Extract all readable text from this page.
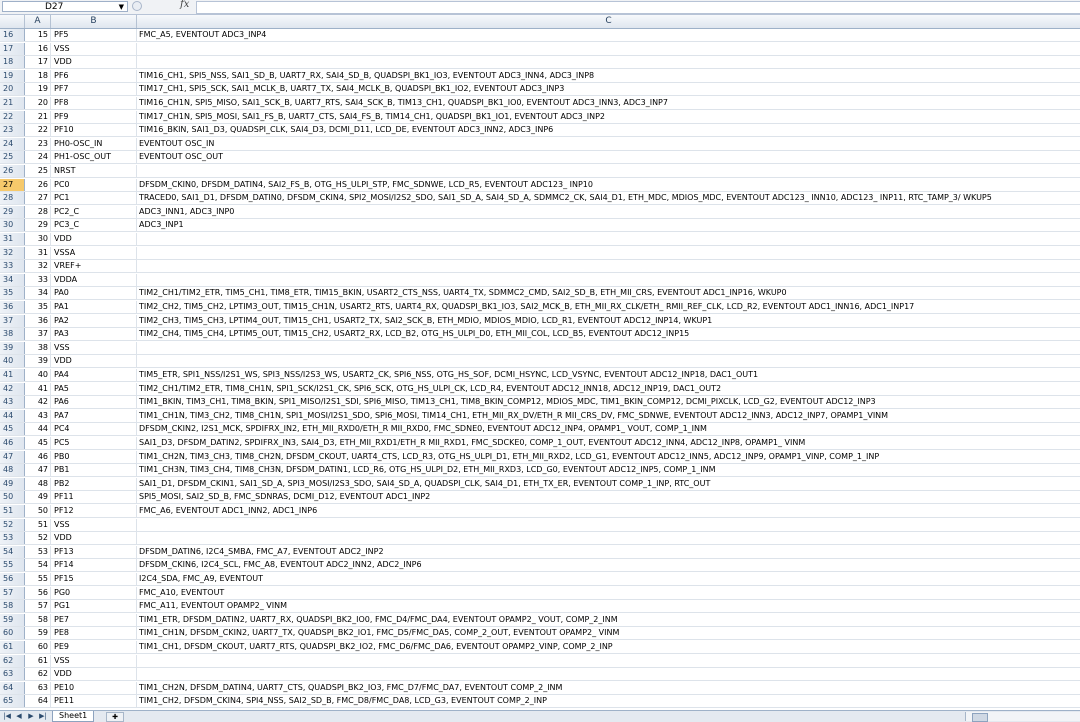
D27	▼	fx
A	B	C
16	15 PF5	FMC_A5, EVENTOUT ADC3_INP4
17	16 VSS
18	17 VDD
19	18 PF6	TIM16_CH1, SPI5_NSS, SAI1_SD_B, UART7_RX, SAI4_SD_B, QUADSPI_BK1_IO3, EVENTOUT ADC3_INN4, ADC3_INP8
20	19 PF7	TIM17_CH1, SPI5_SCK, SAI1_MCLK_B, UART7_TX, SAI4_MCLK_B, QUADSPI_BK1_IO2, EVENTOUT ADC3_INP3
21	20 PF8	TIM16_CH1N, SPI5_MISO, SAI1_SCK_B, UART7_RTS, SAI4_SCK_B, TIM13_CH1, QUADSPI_BK1_IO0, EVENTOUT ADC3_INN3, ADC3_INP7
22	21 PF9	TIM17_CH1N, SPI5_MOSI, SAI1_FS_B, UART7_CTS, SAI4_FS_B, TIM14_CH1, QUADSPI_BK1_IO1, EVENTOUT ADC3_INP2
23	22 PF10	TIM16_BKIN, SAI1_D3, QUADSPI_CLK, SAI4_D3, DCMI_D11, LCD_DE, EVENTOUT ADC3_INN2, ADC3_INP6
24	23 PH0-OSC_IN	EVENTOUT OSC_IN
25	24 PH1-OSC_OUT	EVENTOUT OSC_OUT
26	25 NRST
27	26 PC0	DFSDM_CKIN0, DFSDM_DATIN4, SAI2_FS_B, OTG_HS_ULPI_STP, FMC_SDNWE, LCD_R5, EVENTOUT ADC123_ INP10
28	27 PC1	TRACED0, SAI1_D1, DFSDM_DATIN0, DFSDM_CKIN4, SPI2_MOSI/I2S2_SDO, SAI1_SD_A, SAI4_SD_A, SDMMC2_CK, SAI4_D1, ETH_MDC, MDIOS_MDC, EVENTOUT ADC123_ INN10, ADC123_ INP11, RTC_TAMP_3/ WKUP5
29	28 PC2_C	ADC3_INN1, ADC3_INP0
30	29 PC3_C	ADC3_INP1
31	30 VDD
32	31 VSSA
33	32 VREF+
34	33 VDDA
35	34 PA0	TIM2_CH1/TIM2_ETR, TIM5_CH1, TIM8_ETR, TIM15_BKIN, USART2_CTS_NSS, UART4_TX, SDMMC2_CMD, SAI2_SD_B, ETH_MII_CRS, EVENTOUT ADC1_INP16, WKUP0
36	35 PA1	TIM2_CH2, TIM5_CH2, LPTIM3_OUT, TIM15_CH1N, USART2_RTS, UART4_RX, QUADSPI_BK1_IO3, SAI2_MCK_B, ETH_MII_RX_CLK/ETH_ RMII_REF_CLK, LCD_R2, EVENTOUT ADC1_INN16, ADC1_INP17
37	36 PA2	TIM2_CH3, TIM5_CH3, LPTIM4_OUT, TIM15_CH1, USART2_TX, SAI2_SCK_B, ETH_MDIO, MDIOS_MDIO, LCD_R1, EVENTOUT ADC12_INP14, WKUP1
38	37 PA3	TIM2_CH4, TIM5_CH4, LPTIM5_OUT, TIM15_CH2, USART2_RX, LCD_B2, OTG_HS_ULPI_D0, ETH_MII_COL, LCD_B5, EVENTOUT ADC12_INP15
39	38 VSS
40	39 VDD
41	40 PA4	TIM5_ETR, SPI1_NSS/I2S1_WS, SPI3_NSS/I2S3_WS, USART2_CK, SPI6_NSS, OTG_HS_SOF, DCMI_HSYNC, LCD_VSYNC, EVENTOUT ADC12_INP18, DAC1_OUT1
42	41 PA5	TIM2_CH1/TIM2_ETR, TIM8_CH1N, SPI1_SCK/I2S1_CK, SPI6_SCK, OTG_HS_ULPI_CK, LCD_R4, EVENTOUT ADC12_INN18, ADC12_INP19, DAC1_OUT2
43	42 PA6	TIM1_BKIN, TIM3_CH1, TIM8_BKIN, SPI1_MISO/I2S1_SDI, SPI6_MISO, TIM13_CH1, TIM8_BKIN_COMP12, MDIOS_MDC, TIM1_BKIN_COMP12, DCMI_PIXCLK, LCD_G2, EVENTOUT ADC12_INP3
44	43 PA7	TIM1_CH1N, TIM3_CH2, TIM8_CH1N, SPI1_MOSI/I2S1_SDO, SPI6_MOSI, TIM14_CH1, ETH_MII_RX_DV/ETH_R MII_CRS_DV, FMC_SDNWE, EVENTOUT ADC12_INN3, ADC12_INP7, OPAMP1_VINM
45	44 PC4	DFSDM_CKIN2, I2S1_MCK, SPDIFRX_IN2, ETH_MII_RXD0/ETH_R MII_RXD0, FMC_SDNE0, EVENTOUT ADC12_INP4, OPAMP1_ VOUT, COMP_1_INM
46	45 PC5	SAI1_D3, DFSDM_DATIN2, SPDIFRX_IN3, SAI4_D3, ETH_MII_RXD1/ETH_R MII_RXD1, FMC_SDCKE0, COMP_1_OUT, EVENTOUT ADC12_INN4, ADC12_INP8, OPAMP1_ VINM
47	46 PB0	TIM1_CH2N, TIM3_CH3, TIM8_CH2N, DFSDM_CKOUT, UART4_CTS, LCD_R3, OTG_HS_ULPI_D1, ETH_MII_RXD2, LCD_G1, EVENTOUT ADC12_INN5, ADC12_INP9, OPAMP1_VINP, COMP_1_INP
48	47 PB1	TIM1_CH3N, TIM3_CH4, TIM8_CH3N, DFSDM_DATIN1, LCD_R6, OTG_HS_ULPI_D2, ETH_MII_RXD3, LCD_G0, EVENTOUT ADC12_INP5, COMP_1_INM
49	48 PB2	SAI1_D1, DFSDM_CKIN1, SAI1_SD_A, SPI3_MOSI/I2S3_SDO, SAI4_SD_A, QUADSPI_CLK, SAI4_D1, ETH_TX_ER, EVENTOUT COMP_1_INP, RTC_OUT
50	49 PF11	SPI5_MOSI, SAI2_SD_B, FMC_SDNRAS, DCMI_D12, EVENTOUT ADC1_INP2
51	50 PF12	FMC_A6, EVENTOUT ADC1_INN2, ADC1_INP6
52	51 VSS
53	52 VDD
54	53 PF13	DFSDM_DATIN6, I2C4_SMBA, FMC_A7, EVENTOUT ADC2_INP2
55	54 PF14	DFSDM_CKIN6, I2C4_SCL, FMC_A8, EVENTOUT ADC2_INN2, ADC2_INP6
56	55 PF15	I2C4_SDA, FMC_A9, EVENTOUT
57	56 PG0	FMC_A10, EVENTOUT
58	57 PG1	FMC_A11, EVENTOUT OPAMP2_ VINM
59	58 PE7	TIM1_ETR, DFSDM_DATIN2, UART7_RX, QUADSPI_BK2_IO0, FMC_D4/FMC_DA4, EVENTOUT OPAMP2_ VOUT, COMP_2_INM
60	59 PE8	TIM1_CH1N, DFSDM_CKIN2, UART7_TX, QUADSPI_BK2_IO1, FMC_D5/FMC_DA5, COMP_2_OUT, EVENTOUT OPAMP2_ VINM
61	60 PE9	TIM1_CH1, DFSDM_CKOUT, UART7_RTS, QUADSPI_BK2_IO2, FMC_D6/FMC_DA6, EVENTOUT OPAMP2_VINP, COMP_2_INP
62	61 VSS
63	62 VDD
64	63 PE10	TIM1_CH2N, DFSDM_DATIN4, UART7_CTS, QUADSPI_BK2_IO3, FMC_D7/FMC_DA7, EVENTOUT COMP_2_INM
65	64 PE11	TIM1_CH2, DFSDM_CKIN4, SPI4_NSS, SAI2_SD_B, FMC_D8/FMC_DA8, LCD_G3, EVENTOUT COMP_2_INP
|◀ ◀ ▶ ▶|	Sheet1	✚
